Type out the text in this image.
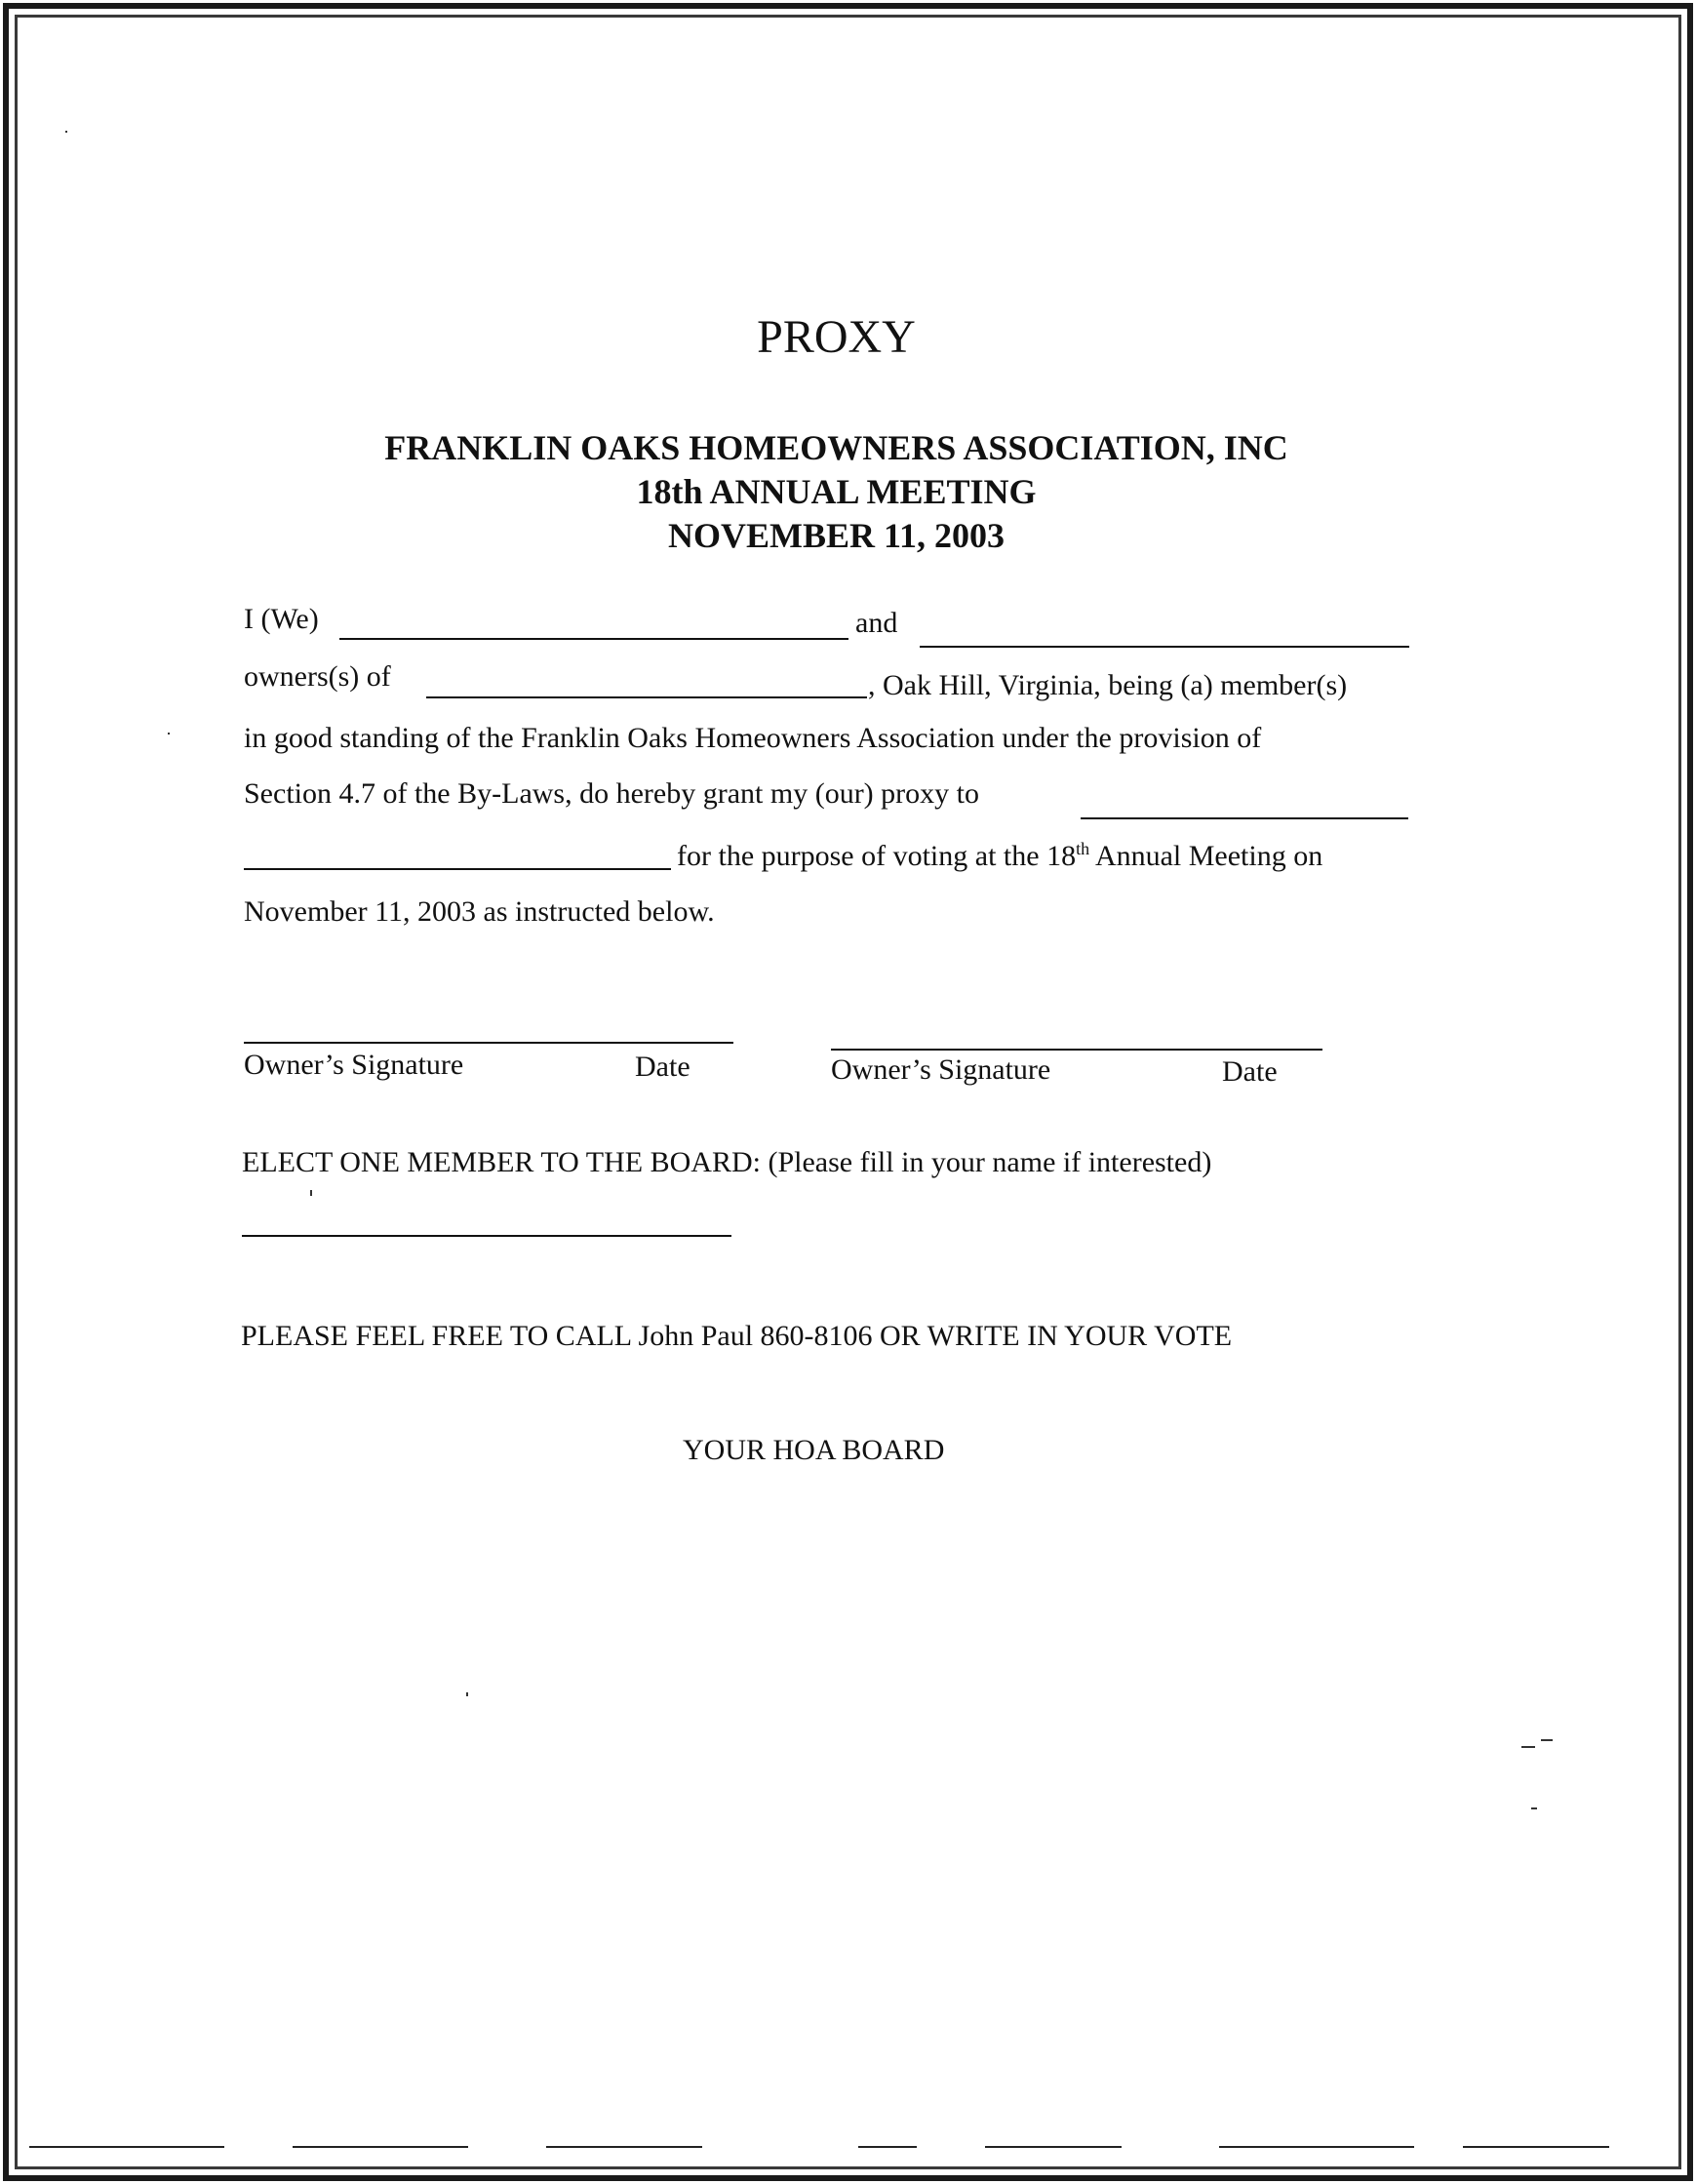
PROXY
FRANKLIN OAKS HOMEOWNERS ASSOCIATION, INC
18th ANNUAL MEETING
NOVEMBER 11, 2003
I (We)	and
owners(s) of	, Oak Hill, Virginia, being (a) member(s)
in good standing of the Franklin Oaks Homeowners Association under the provision of
Section 4.7 of the By-Laws, do hereby grant my (our) proxy to
for the purpose of voting at the 18th Annual Meeting on
November 11, 2003 as instructed below.
Owner’s Signature	Date	Owner’s Signature	Date
ELECT ONE MEMBER TO THE BOARD: (Please fill in your name if interested)
PLEASE FEEL FREE TO CALL John Paul 860-8106 OR WRITE IN YOUR VOTE
YOUR HOA BOARD
